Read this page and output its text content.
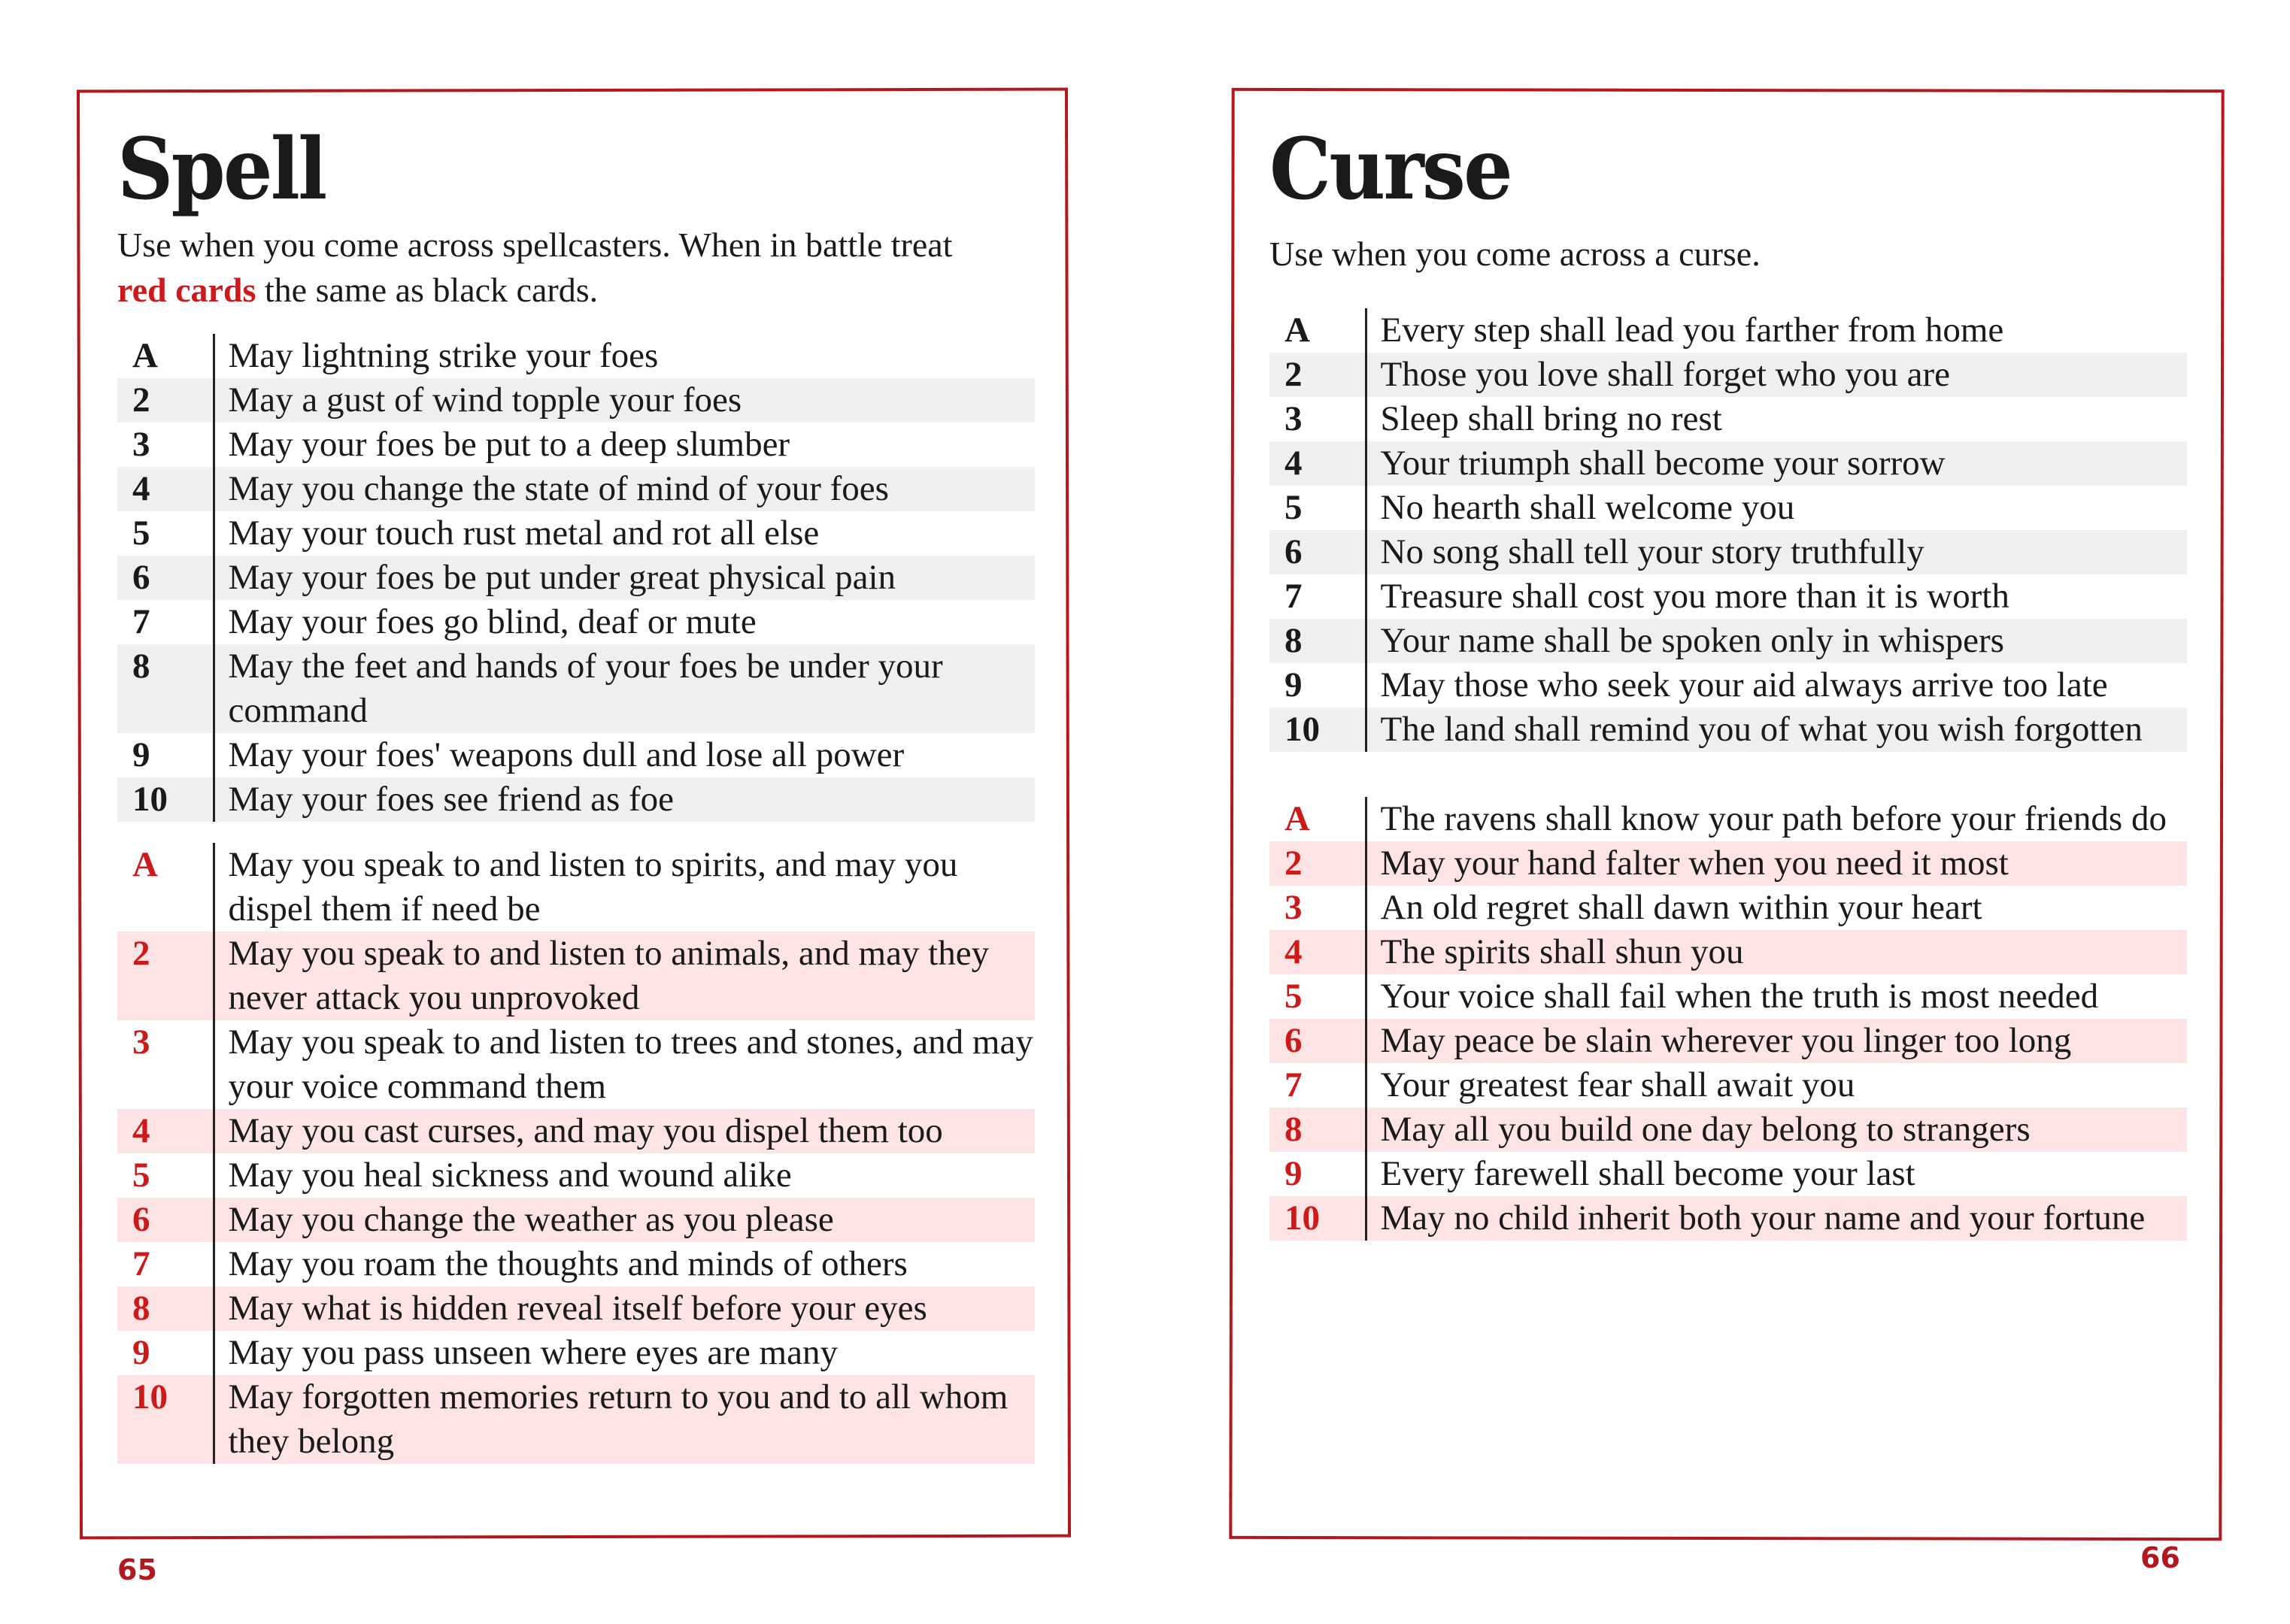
Spell

Use when you come across spellcasters. When in battle treat red cards the same as black cards.

A	May lightning strike your foes
2	May a gust of wind topple your foes
3	May your foes be put to a deep slumber
4	May you change the state of mind of your foes
5	May your touch rust metal and rot all else
6	May your foes be put under great physical pain
7	May your foes go blind, deaf or mute
8	May the feet and hands of your foes be under your command
9	May your foes' weapons dull and lose all power
10	May your foes see friend as foe
A	May you speak to and listen to spirits, and may you dispel them if need be
2	May you speak to and listen to animals, and may they never attack you unprovoked
3	May you speak to and listen to trees and stones, and may your voice command them
4	May you cast curses, and may you dispel them too
5	May you heal sickness and wound alike
6	May you change the weather as you please
7	May you roam the thoughts and minds of others
8	May what is hidden reveal itself before your eyes
9	May you pass unseen where eyes are many
10	May forgotten memories return to you and to all whom they belong
65
Curse

Use when you come across a curse.

A	Every step shall lead you farther from home
2	Those you love shall forget who you are
3	Sleep shall bring no rest
4	Your triumph shall become your sorrow
5	No hearth shall welcome you
6	No song shall tell your story truthfully
7	Treasure shall cost you more than it is worth
8	Your name shall be spoken only in whispers
9	May those who seek your aid always arrive too late
10	The land shall remind you of what you wish forgotten
A	The ravens shall know your path before your friends do
2	May your hand falter when you need it most
3	An old regret shall dawn within your heart
4	The spirits shall shun you
5	Your voice shall fail when the truth is most needed
6	May peace be slain wherever you linger too long
7	Your greatest fear shall await you
8	May all you build one day belong to strangers
9	Every farewell shall become your last
10	May no child inherit both your name and your fortune
66
